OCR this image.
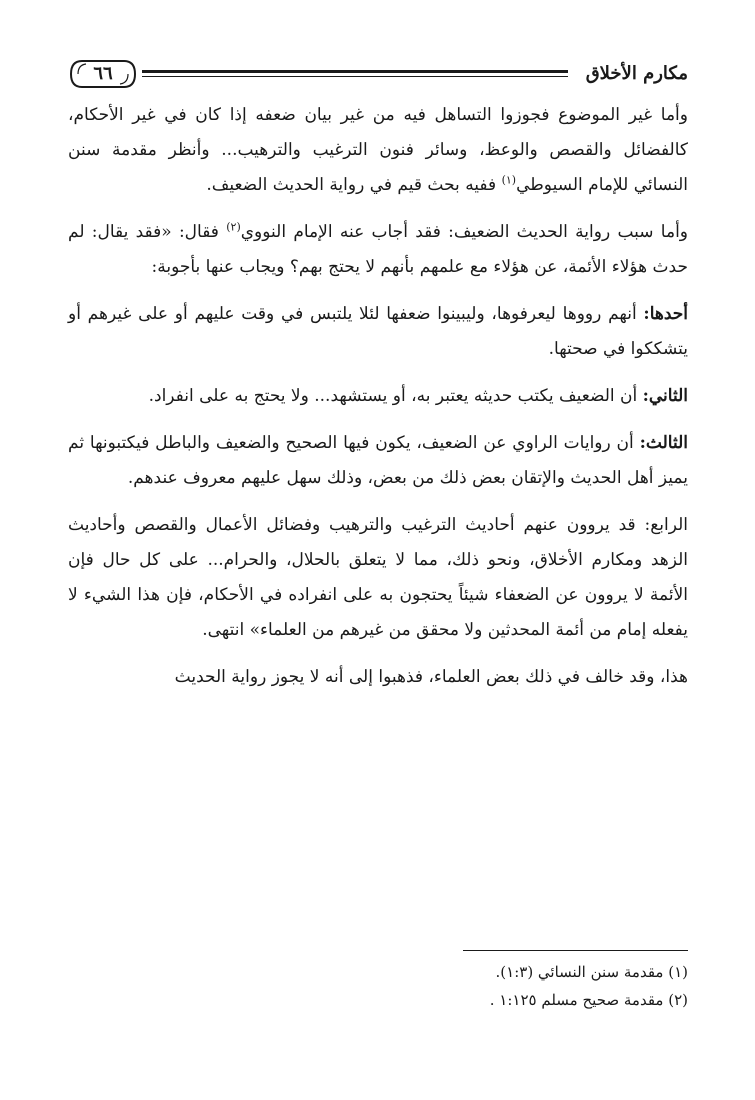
مكارم الأخلاق
٦٦

وأما غير الموضوع فجوزوا التساهل فيه من غير بيان ضعفه إذا كان في غير الأحكام، كالفضائل والقصص والوعظ، وسائر فنون الترغيب والترهيب... وأنظر مقدمة سنن النسائي للإمام السيوطي$^{(١)}$ ففيه بحث قيم في رواية الحديث الضعيف.

وأما سبب رواية الحديث الضعيف: فقد أجاب عنه الإمام النووي$^{(٢)}$ فقال: «فقد يقال: لم حدث هؤلاء الأئمة، عن هؤلاء مع علمهم بأنهم لا يحتج بهم؟ ويجاب عنها بأجوبة:

أحدها: أنهم رووها ليعرفوها، وليبينوا ضعفها لئلا يلتبس في وقت عليهم أو على غيرهم أو يتشككوا في صحتها.

الثاني: أن الضعيف يكتب حديثه يعتبر به، أو يستشهد... ولا يحتج به على انفراد.

الثالث: أن روايات الراوي عن الضعيف، يكون فيها الصحيح والضعيف والباطل فيكتبونها ثم يميز أهل الحديث والإتقان بعض ذلك من بعض، وذلك سهل عليهم معروف عندهم.

الرابع: قد يروون عنهم أحاديث الترغيب والترهيب وفضائل الأعمال والقصص وأحاديث الزهد ومكارم الأخلاق، ونحو ذلك، مما لا يتعلق بالحلال، والحرام... على كل حال فإن الأئمة لا يروون عن الضعفاء شيئاً يحتجون به على انفراده في الأحكام، فإن هذا الشيء لا يفعله إمام من أئمة المحدثين ولا محقق من غيرهم من العلماء» انتهى.

هذا، وقد خالف في ذلك بعض العلماء، فذهبوا إلى أنه لا يجوز رواية الحديث

(١) مقدمة سنن النسائي (١:٣).
(٢) مقدمة صحيح مسلم ١:١٢٥ .
